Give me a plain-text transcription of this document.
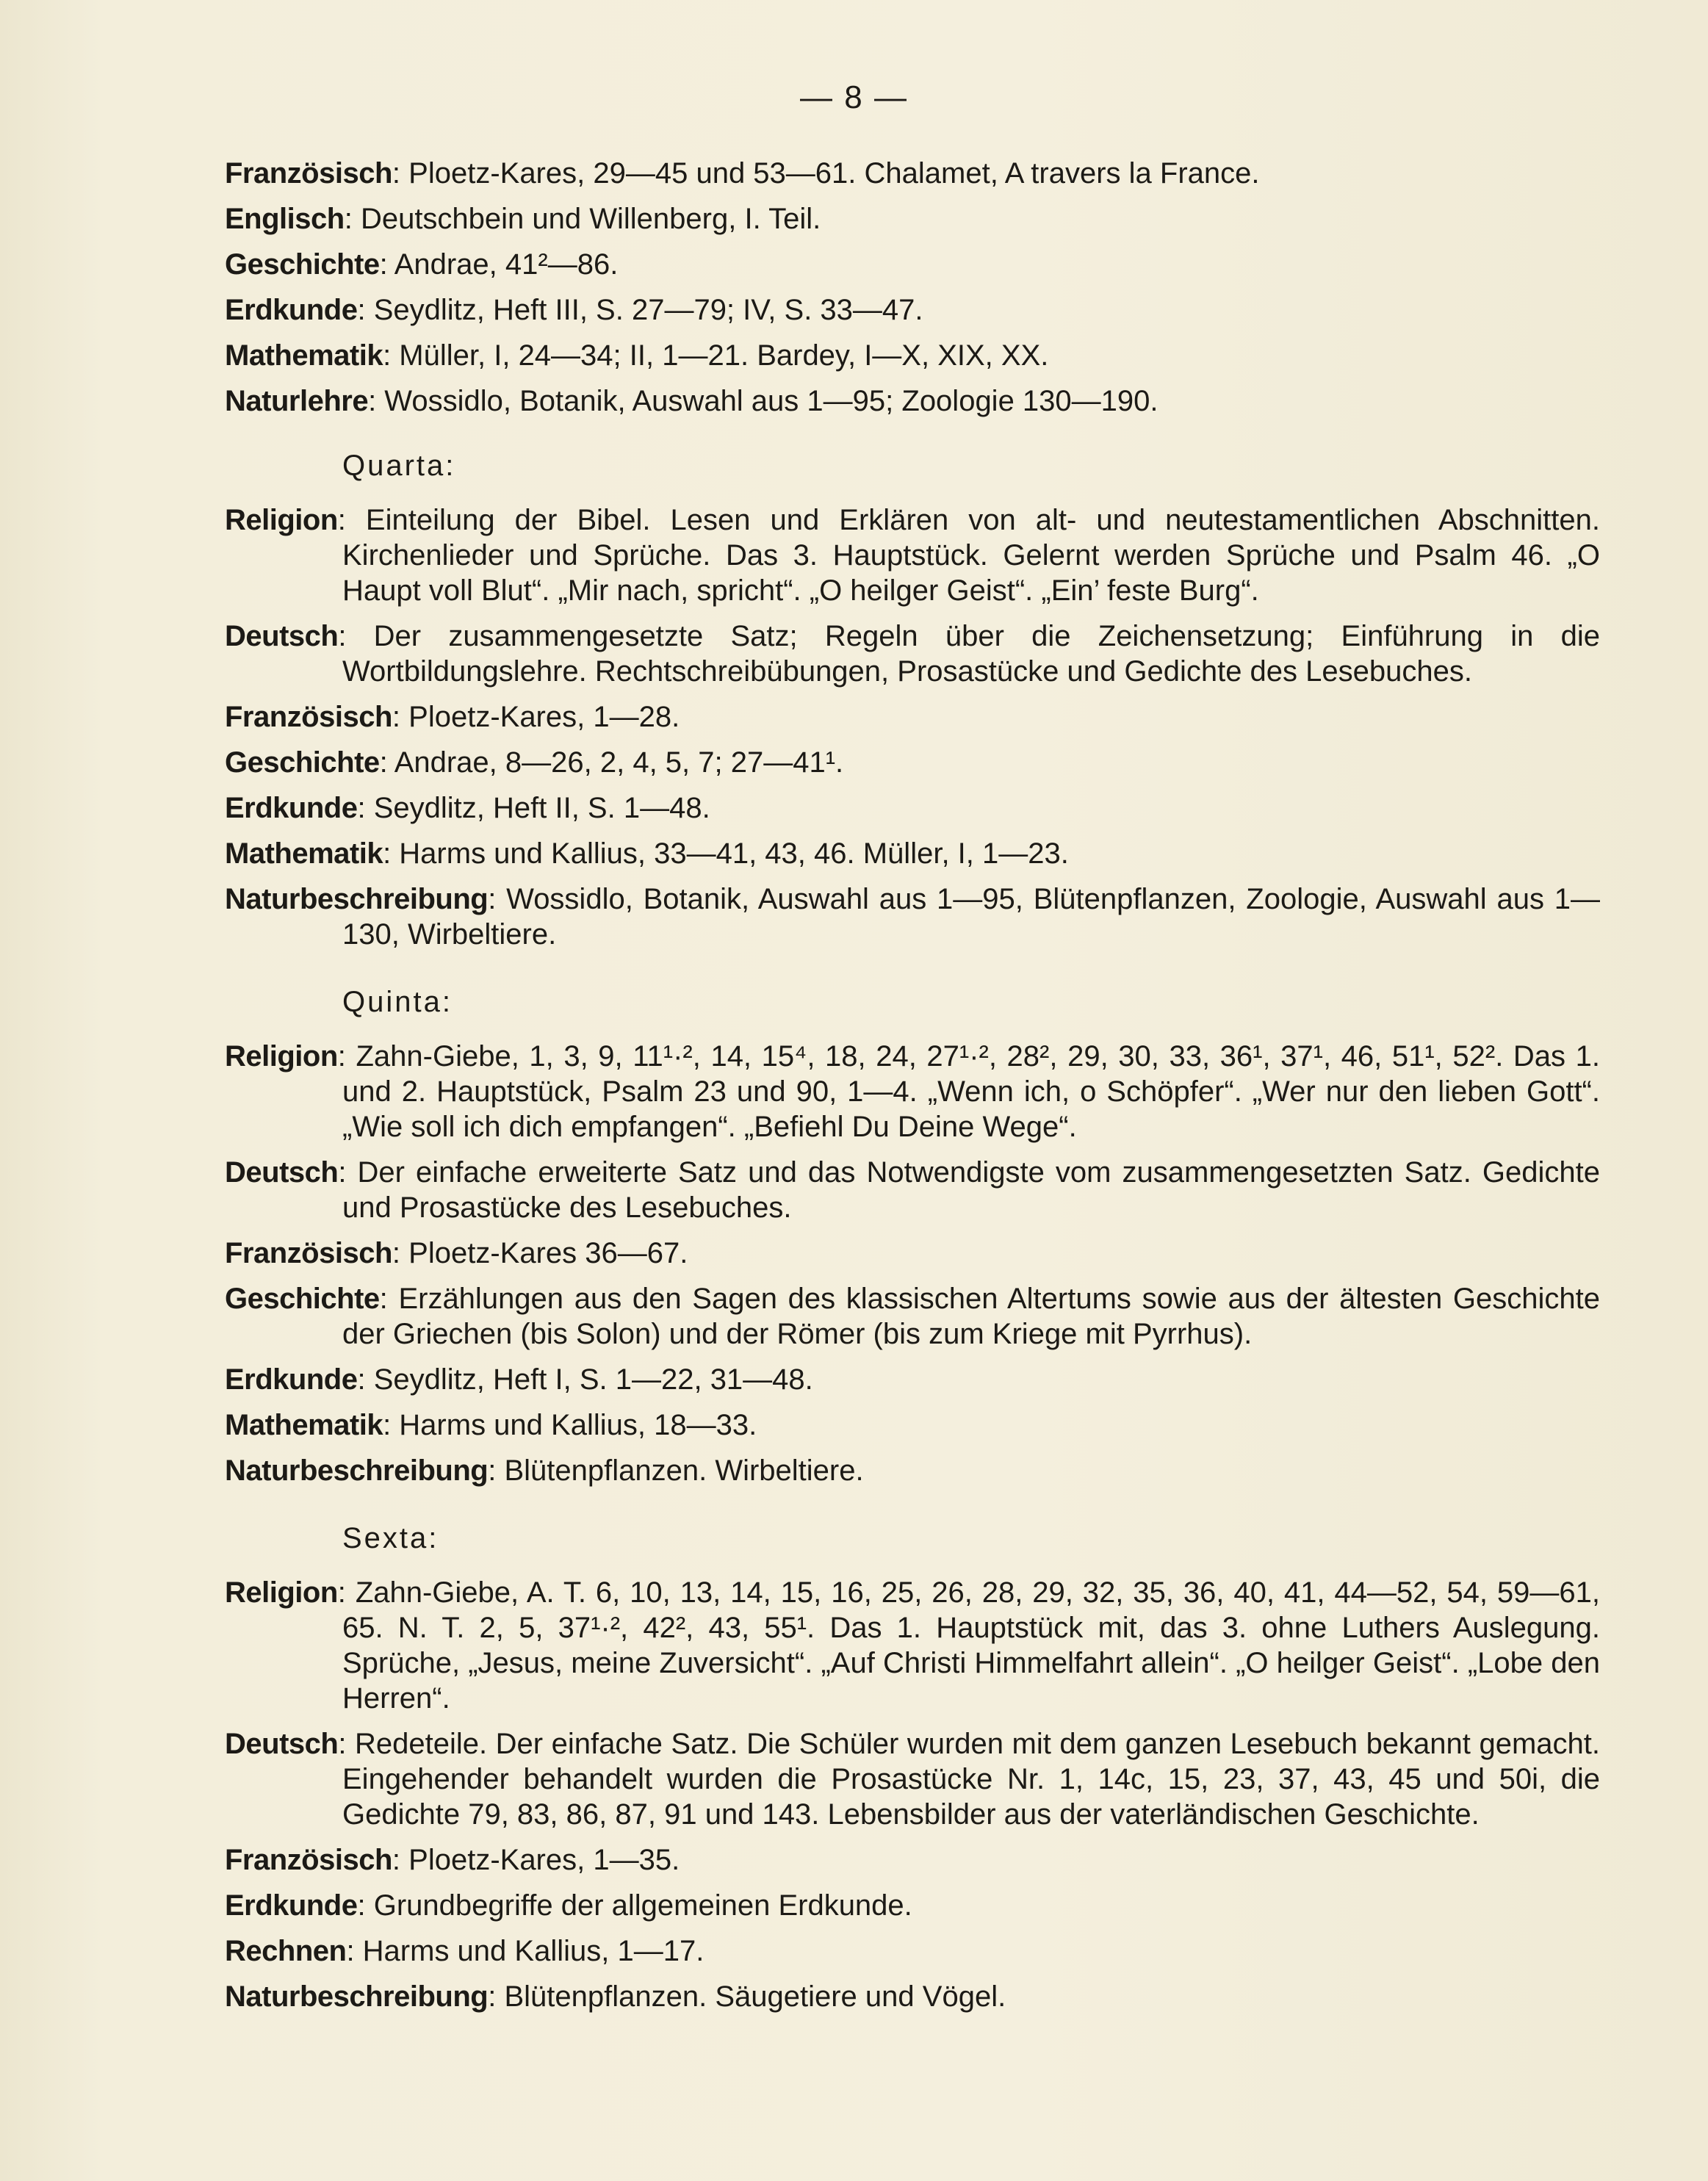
— 8 —

Französisch: Ploetz-Kares, 29—45 und 53—61. Chalamet, A travers la France.

Englisch: Deutschbein und Willenberg, I. Teil.

Geschichte: Andrae, 41²—86.

Erdkunde: Seydlitz, Heft III, S. 27—79; IV, S. 33—47.

Mathematik: Müller, I, 24—34; II, 1—21. Bardey, I—X, XIX, XX.

Naturlehre: Wossidlo, Botanik, Auswahl aus 1—95; Zoologie 130—190.

Quarta:

Religion: Einteilung der Bibel. Lesen und Erklären von alt- und neutestamentlichen Abschnitten. Kirchenlieder und Sprüche. Das 3. Hauptstück. Gelernt werden Sprüche und Psalm 46. „O Haupt voll Blut“. „Mir nach, spricht“. „O heilger Geist“. „Ein’ feste Burg“.

Deutsch: Der zusammengesetzte Satz; Regeln über die Zeichensetzung; Einführung in die Wortbildungslehre. Rechtschreibübungen, Prosastücke und Gedichte des Lesebuches.

Französisch: Ploetz-Kares, 1—28.

Geschichte: Andrae, 8—26, 2, 4, 5, 7; 27—41¹.

Erdkunde: Seydlitz, Heft II, S. 1—48.

Mathematik: Harms und Kallius, 33—41, 43, 46. Müller, I, 1—23.

Naturbeschreibung: Wossidlo, Botanik, Auswahl aus 1—95, Blütenpflanzen, Zoologie, Auswahl aus 1—130, Wirbeltiere.

Quinta:

Religion: Zahn-Giebe, 1, 3, 9, 11¹·², 14, 15⁴, 18, 24, 27¹·², 28², 29, 30, 33, 36¹, 37¹, 46, 51¹, 52². Das 1. und 2. Hauptstück, Psalm 23 und 90, 1—4. „Wenn ich, o Schöpfer“. „Wer nur den lieben Gott“. „Wie soll ich dich empfangen“. „Befiehl Du Deine Wege“.

Deutsch: Der einfache erweiterte Satz und das Notwendigste vom zusammengesetzten Satz. Gedichte und Prosastücke des Lesebuches.

Französisch: Ploetz-Kares 36—67.

Geschichte: Erzählungen aus den Sagen des klassischen Altertums sowie aus der ältesten Geschichte der Griechen (bis Solon) und der Römer (bis zum Kriege mit Pyrrhus).

Erdkunde: Seydlitz, Heft I, S. 1—22, 31—48.

Mathematik: Harms und Kallius, 18—33.

Naturbeschreibung: Blütenpflanzen. Wirbeltiere.

Sexta:

Religion: Zahn-Giebe, A. T. 6, 10, 13, 14, 15, 16, 25, 26, 28, 29, 32, 35, 36, 40, 41, 44—52, 54, 59—61, 65. N. T. 2, 5, 37¹·², 42², 43, 55¹. Das 1. Hauptstück mit, das 3. ohne Luthers Auslegung. Sprüche, „Jesus, meine Zuversicht“. „Auf Christi Himmelfahrt allein“. „O heilger Geist“. „Lobe den Herren“.

Deutsch: Redeteile. Der einfache Satz. Die Schüler wurden mit dem ganzen Lesebuch bekannt gemacht. Eingehender behandelt wurden die Prosastücke Nr. 1, 14c, 15, 23, 37, 43, 45 und 50i, die Gedichte 79, 83, 86, 87, 91 und 143. Lebensbilder aus der vaterländischen Geschichte.

Französisch: Ploetz-Kares, 1—35.

Erdkunde: Grundbegriffe der allgemeinen Erdkunde.

Rechnen: Harms und Kallius, 1—17.

Naturbeschreibung: Blütenpflanzen. Säugetiere und Vögel.
